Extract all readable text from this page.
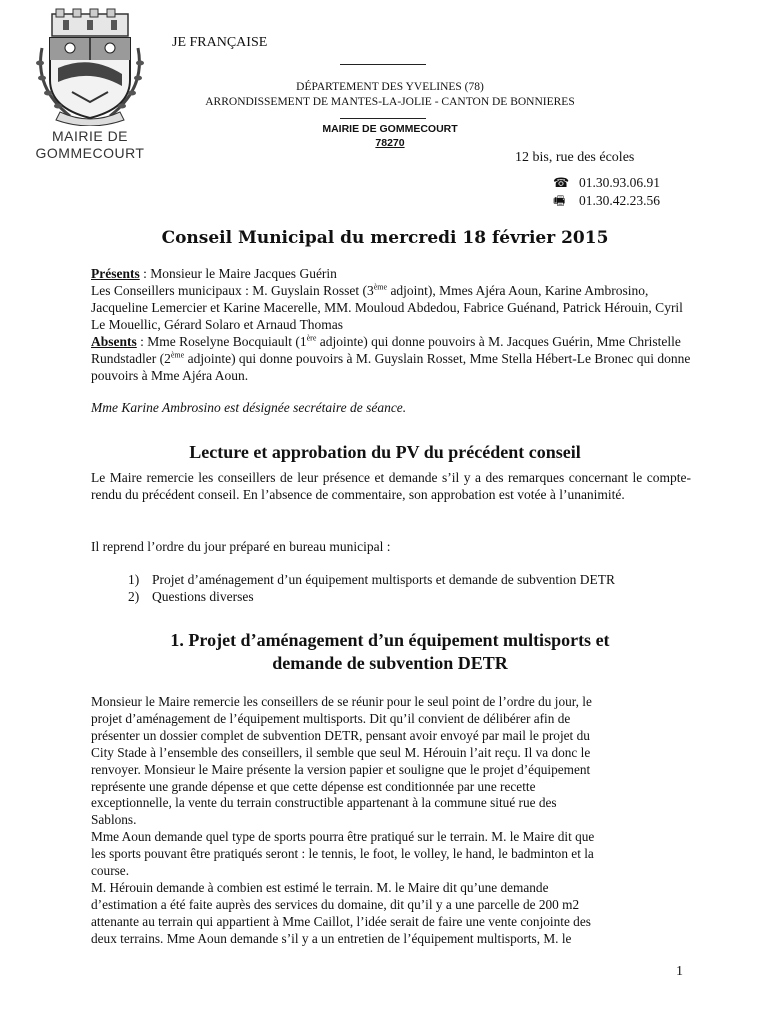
MAIRIE DE
GOMMECOURT
JE FRANÇAISE
DÉPARTEMENT DES YVELINES (78)
ARRONDISSEMENT DE MANTES-LA-JOLIE - CANTON DE BONNIERES
MAIRIE DE GOMMECOURT
78270
12 bis, rue des écoles
☎ 01.30.93.06.91
🖷 01.30.42.23.56
Conseil Municipal du mercredi 18 février 2015
Présents : Monsieur le Maire Jacques Guérin
Les Conseillers municipaux : M. Guyslain Rosset (3ème adjoint), Mmes Ajéra Aoun, Karine Ambrosino, Jacqueline Lemercier et Karine Macerelle, MM. Mouloud Abdedou, Fabrice Guénand, Patrick Hérouin, Cyril Le Mouellic, Gérard Solaro et Arnaud Thomas
Absents : Mme Roselyne Bocquiault (1ère adjointe) qui donne pouvoirs à M. Jacques Guérin, Mme Christelle Rundstadler (2ème adjointe) qui donne pouvoirs à M. Guyslain Rosset, Mme Stella Hébert-Le Bronec qui donne pouvoirs à Mme Ajéra Aoun.
Mme Karine Ambrosino est désignée secrétaire de séance.
Lecture et approbation du PV du précédent conseil
Le Maire remercie les conseillers de leur présence et demande s’il y a des remarques concernant le compte-rendu du précédent conseil. En l’absence de commentaire, son approbation est votée à l’unanimité.
Il reprend l’ordre du jour préparé en bureau municipal :
1) Projet d’aménagement d’un équipement multisports et demande de subvention DETR
2) Questions diverses
1. Projet d’aménagement d’un équipement multisports et
demande de subvention DETR
Monsieur le Maire remercie les conseillers de se réunir pour le seul point de l’ordre du jour, le
projet d’aménagement de l’équipement multisports. Dit qu’il convient de délibérer afin de
présenter un dossier complet de subvention DETR, pensant avoir envoyé par mail le projet du
City Stade à l’ensemble des conseillers, il semble que seul M. Hérouin l’ait reçu. Il va donc le
renvoyer. Monsieur le Maire présente la version papier et souligne que le projet d’équipement
représente une grande dépense et que cette dépense est conditionnée par une recette
exceptionnelle, la vente du terrain constructible appartenant à la commune situé rue des
Sablons.
Mme Aoun demande quel type de sports pourra être pratiqué sur le terrain. M. le Maire dit que
les sports pouvant être pratiqués seront : le tennis, le foot, le volley, le hand, le badminton et la
course.
M. Hérouin demande à combien est estimé le terrain. M. le Maire dit qu’une demande
d’estimation a été faite auprès des services du domaine, dit qu’il y a une parcelle de 200 m2
attenante au terrain qui appartient à Mme Caillot, l’idée serait de faire une vente conjointe des
deux terrains. Mme Aoun demande s’il y a un entretien de l’équipement multisports, M. le
1
